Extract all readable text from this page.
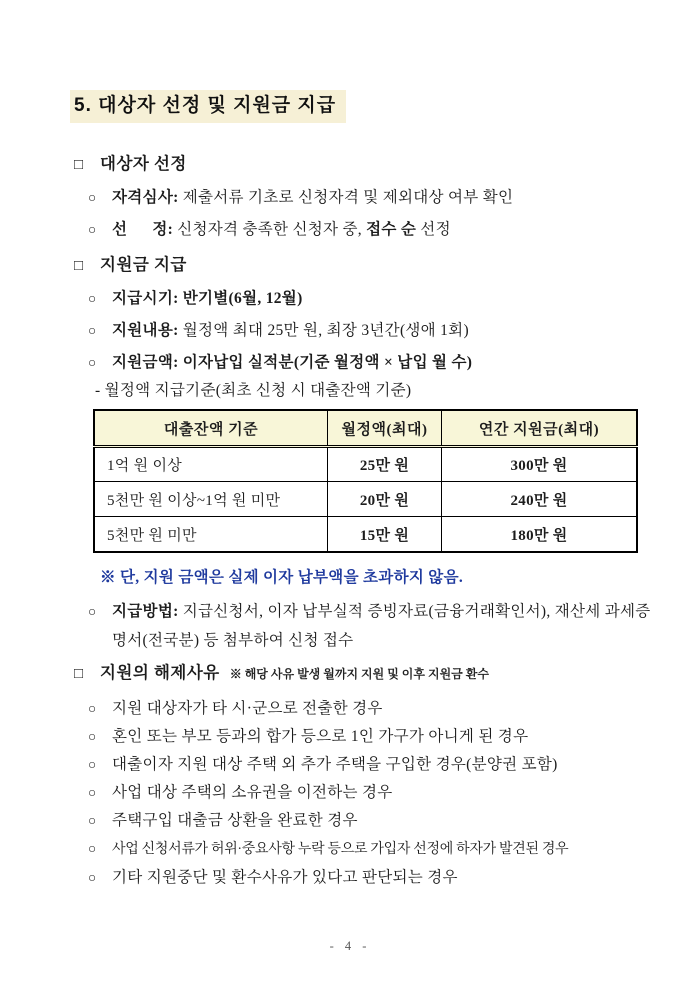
5. 대상자 선정 및 지원금 지급
□ 대상자 선정
○	자격심사: 제출서류 기초로 신청자격 및 제외대상 여부 확인
○	선      정: 신청자격 충족한 신청자 중, 접수 순 선정
□ 지원금 지급
○	지급시기: 반기별(6월, 12월)
○	지원내용: 월정액 최대 25만 원, 최장 3년간(생애 1회)
○	지원금액: 이자납입 실적분(기준 월정액 × 납입 월 수)
- 월정액 지급기준(최초 신청 시 대출잔액 기준)
대출잔액 기준	월정액(최대)	연간 지원금(최대)
1억 원 이상	25만 원	300만 원
5천만 원 이상~1억 원 미만	20만 원	240만 원
5천만 원 미만	15만 원	180만 원
※ 단, 지원 금액은 실제 이자 납부액을 초과하지 않음.
○	지급방법: 지급신청서, 이자 납부실적 증빙자료(금융거래확인서), 재산세 과세증명서(전국분) 등 첨부하여 신청 접수
□ 지원의 해제사유 ※ 해당 사유 발생 월까지 지원 및 이후 지원금 환수
○	지원 대상자가 타 시·군으로 전출한 경우
○	혼인 또는 부모 등과의 합가 등으로 1인 가구가 아니게 된 경우
○	대출이자 지원 대상 주택 외 추가 주택을 구입한 경우(분양권 포함)
○	사업 대상 주택의 소유권을 이전하는 경우
○	주택구입 대출금 상환을 완료한 경우
○	사업 신청서류가 허위·중요사항 누락 등으로 가입자 선정에 하자가 발견된 경우
○	기타 지원중단 및 환수사유가 있다고 판단되는 경우
- 4 -
